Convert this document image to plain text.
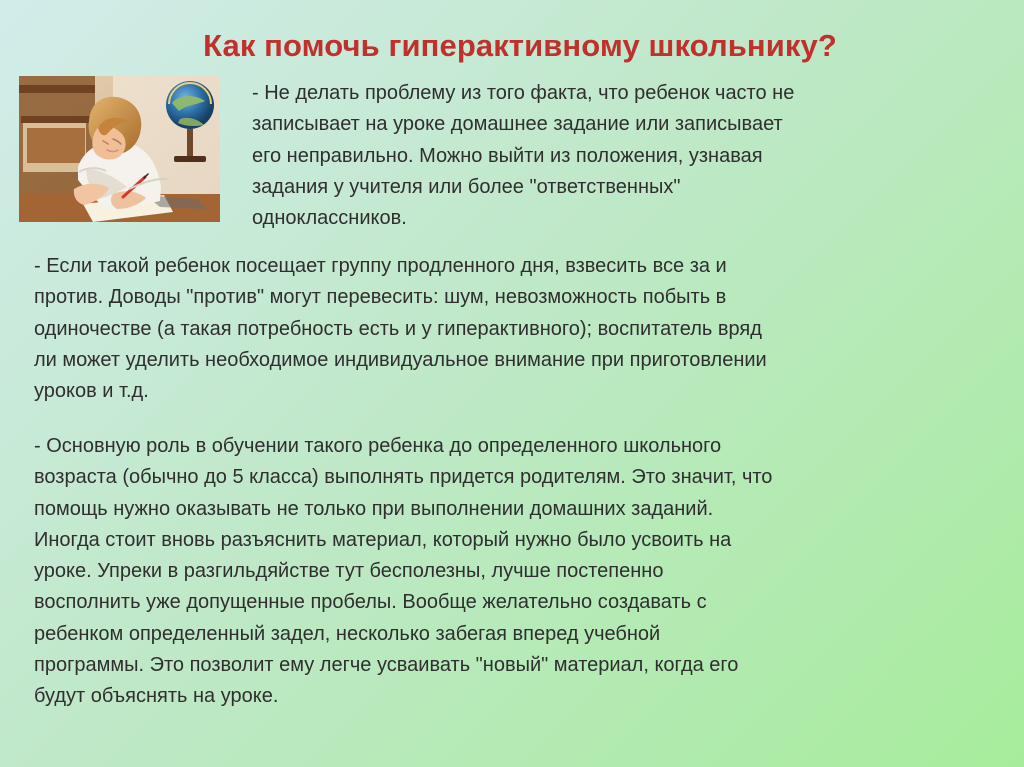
Как помочь гиперактивному школьнику?
- Не делать проблему из того факта, что ребенок часто не
записывает на уроке домашнее задание или записывает
его неправильно. Можно выйти из положения, узнавая
задания у учителя или более "ответственных"
одноклассников.
- Если такой ребенок посещает группу продленного дня, взвесить все за и
против. Доводы "против" могут перевесить: шум, невозможность побыть в
одиночестве (а такая потребность есть и у гиперактивного); воспитатель вряд
ли может уделить необходимое индивидуальное внимание при приготовлении
уроков и т.д.
- Основную роль в обучении такого ребенка до определенного школьного
возраста (обычно до 5 класса) выполнять придется родителям. Это значит, что
помощь нужно оказывать не только при выполнении домашних заданий.
Иногда стоит вновь разъяснить материал, который нужно было усвоить на
уроке. Упреки в разгильдяйстве тут бесполезны, лучше постепенно
восполнить уже допущенные пробелы. Вообще желательно создавать с
ребенком определенный задел, несколько забегая вперед учебной
программы. Это позволит ему легче усваивать "новый" материал, когда его
будут объяснять на уроке.
